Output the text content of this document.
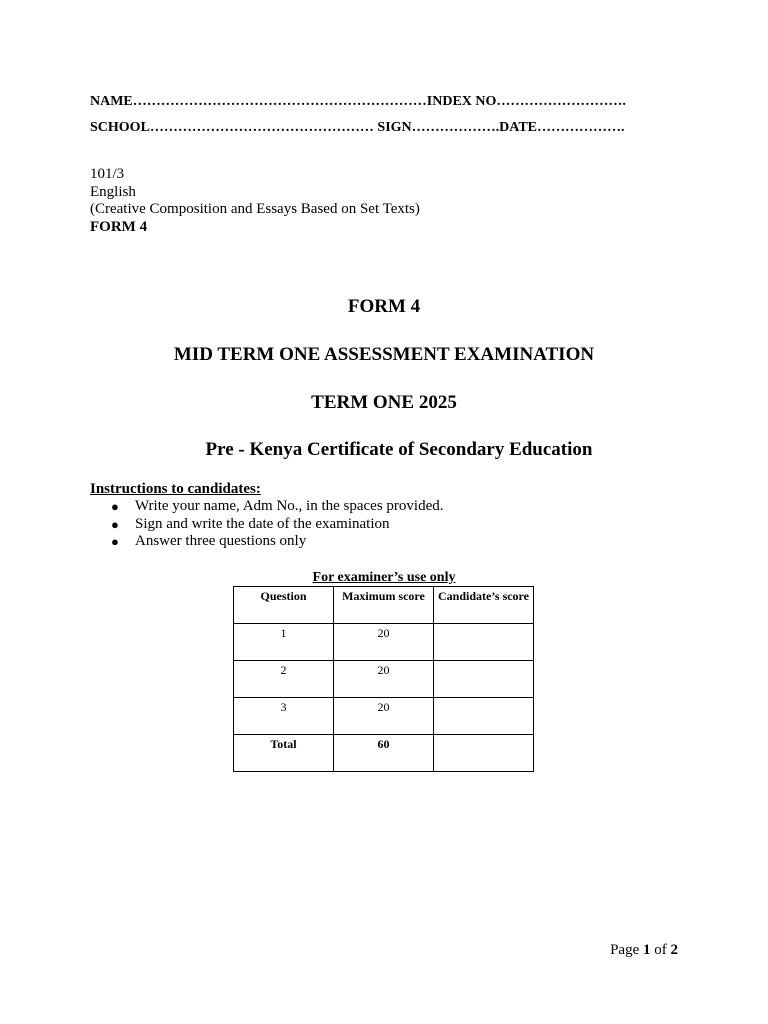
NAME………………………………………………………INDEX NO……………………….
SCHOOL………………………………………… SIGN……………….DATE……………….
101/3
English
(Creative Composition and Essays Based on Set Texts)
FORM 4
FORM 4
MID TERM ONE ASSESSMENT EXAMINATION
TERM ONE 2025
Pre - Kenya Certificate of Secondary Education
Instructions to candidates:
● Write your name, Adm No., in the spaces provided.
● Sign and write the date of the examination
● Answer three questions only
For examiner’s use only
Question	Maximum score	Candidate’s score
1	20	
2	20	
3	20	
Total	60	
Page 1 of 2
